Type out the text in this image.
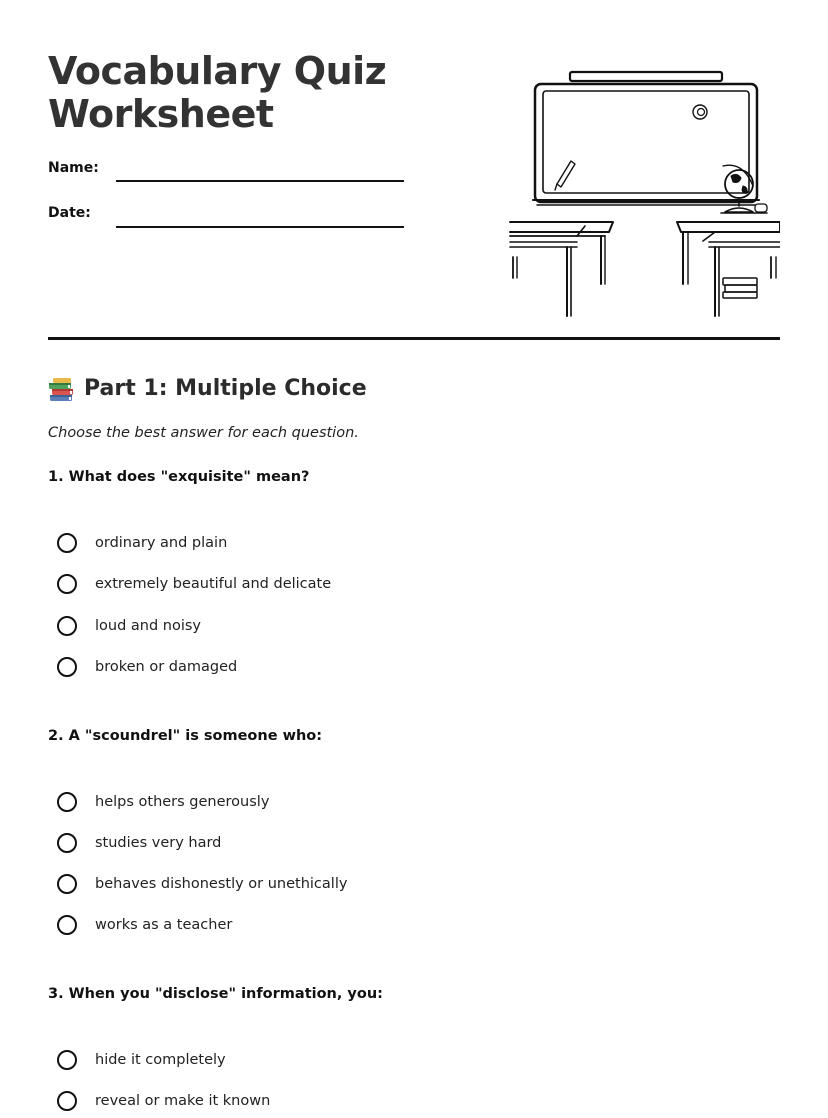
Vocabulary Quiz
Worksheet
Name:
Date:
Part 1: Multiple Choice
Choose the best answer for each question.
1. What does "exquisite" mean?
ordinary and plain
extremely beautiful and delicate
loud and noisy
broken or damaged
2. A "scoundrel" is someone who:
helps others generously
studies very hard
behaves dishonestly or unethically
works as a teacher
3. When you "disclose" information, you:
hide it completely
reveal or make it known
